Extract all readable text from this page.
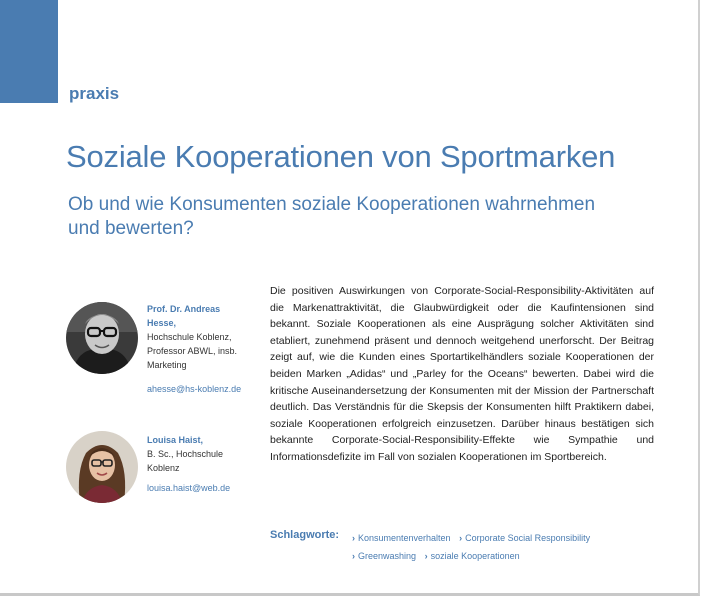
praxis
Soziale Kooperationen von Sportmarken
Ob und wie Konsumenten soziale Kooperationen wahrnehmen und bewerten?
Prof. Dr. Andreas Hesse,
Hochschule Koblenz,
Professor ABWL, insb.
Marketing
ahesse@hs-koblenz.de
Louisa Haist,
B. Sc., Hochschule
Koblenz
louisa.haist@web.de
Die positiven Auswirkungen von Corporate-Social-Responsibility-Aktivitäten auf die Markenattraktivität, die Glaubwürdigkeit oder die Kaufintensionen sind bekannt. Soziale Kooperationen als eine Ausprägung solcher Aktivitäten sind etabliert, zunehmend präsent und dennoch weitgehend unerforscht. Der Beitrag zeigt auf, wie die Kunden eines Sportartikelhändlers soziale Kooperationen der beiden Marken „Adidas“ und „Parley for the Oceans“ bewerten. Dabei wird die kritische Auseinandersetzung der Konsumenten mit der Mission der Partnerschaft deutlich. Das Verständnis für die Skepsis der Konsumenten hilft Praktikern dabei, soziale Kooperationen erfolgreich einzusetzen. Darüber hinaus bestätigen sich bekannte Corporate-Social-Responsibility-Effekte wie Sympathie und Informationsdefizite im Fall von sozialen Kooperationen im Sportbereich.
Schlagworte: › Konsumentenverhalten › Corporate Social Responsibility
› Greenwashing › soziale Kooperationen
